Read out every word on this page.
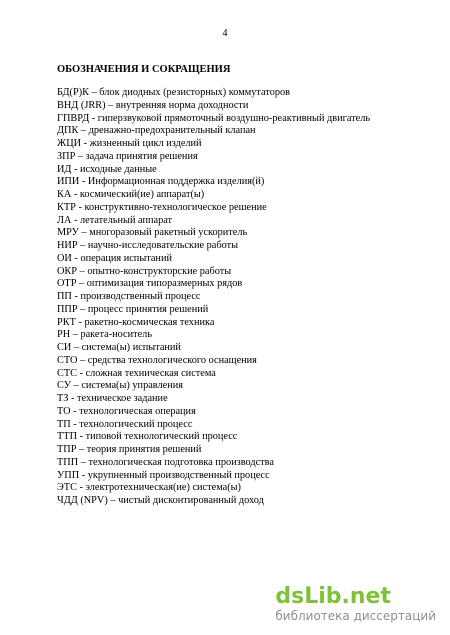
4
ОБОЗНАЧЕНИЯ И СОКРАЩЕНИЯ
БД(Р)К – блок диодных (резисторных) коммутаторов
ВНД (JRR) – внутренняя норма доходности
ГПВРД - гиперзвуковой прямоточный воздушно-реактивный двигатель
ДПК – дренажно-предохранительный клапан
ЖЦИ - жизненный цикл изделий
ЗПР – задача принятия решения
ИД - исходные данные
ИПИ - Информационная поддержка изделия(й)
КА - космический(ие) аппарат(ы)
КТР - конструктивно-технологическое решение
ЛА - летательный аппарат
МРУ – многоразовый ракетный ускоритель
НИР – научно-исследовательские работы
ОИ - операция испытаний
ОКР – опытно-конструкторские работы
ОТР – оптимизация типоразмерных рядов
ПП - производственный процесс
ППР – процесс принятия решений
РКТ - ракетно-космическая техника
РН – ракета-носитель
СИ – система(ы) испытаний
СТО – средства технологического оснащения
СТС - сложная техническая система
СУ – система(ы) управления
ТЗ - техническое задание
ТО - технологическая операция
ТП - технологический процесс
ТТП - типовой технологический процесс
ТПР – теория принятия решений
ТПП – технологическая подготовка производства
УПП - укрупненный производственный процесс
ЭТС - электротехническая(ие) система(ы)
ЧДД (NPV) – чистый дисконтированный доход
dsLib.net
библиотека диссертаций
